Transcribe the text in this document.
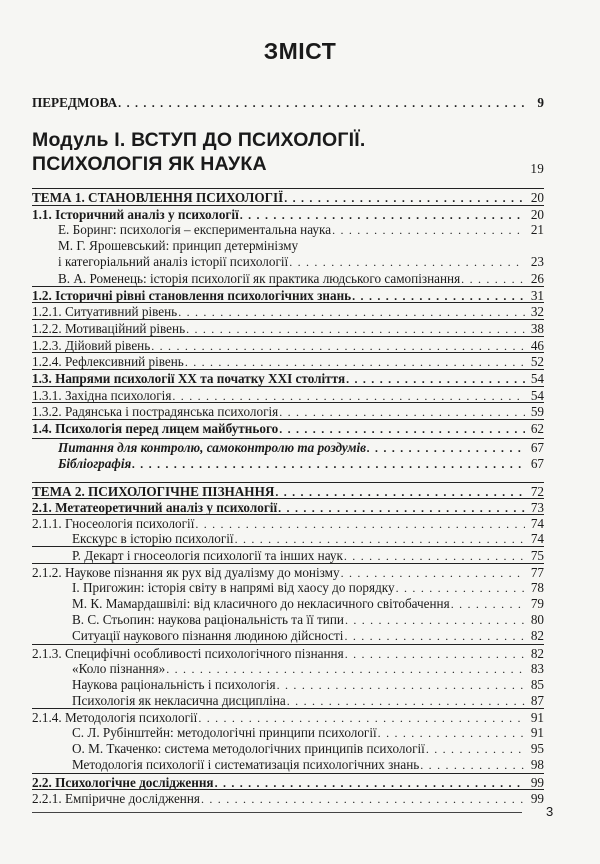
ЗМІСТ
ПЕРЕДМОВА . . .	9
Модуль І. ВСТУП ДО ПСИХОЛОГІЇ.
ПСИХОЛОГІЯ ЯК НАУКА	19
ТЕМА 1. СТАНОВЛЕННЯ ПСИХОЛОГІЇ . . .	20
1.1. Історичний аналіз у психології . . .	20
Е. Боринг: психологія – експериментальна наука . . .	21
М. Г. Ярошевський: принцип детермінізму
і категоріальний аналіз історії психології . . .	23
В. А. Роменець: історія психології як практика людського самопізнання . . .	26
1.2. Історичні рівні становлення психологічних знань . . .	31
1.2.1. Ситуативний рівень . . .	32
1.2.2. Мотиваційний рівень . . .	38
1.2.3. Дійовий рівень . . .	46
1.2.4. Рефлексивний рівень . . .	52
1.3. Напрями психології ХХ та початку ХХІ століття . . .	54
1.3.1. Західна психологія . . .	54
1.3.2. Радянська і пострадянська психологія . . .	59
1.4. Психологія перед лицем майбутнього . . .	62
Питання для контролю, самоконтролю та роздумів . . .	67
Бібліографія . . .	67
ТЕМА 2. ПСИХОЛОГІЧНЕ ПІЗНАННЯ . . .	72
2.1. Метатеоретичний аналіз у психології . . .	73
2.1.1. Гносеологія психології . . .	74
Екскурс в історію психології . . .	74
Р. Декарт і гносеологія психології та інших наук . . .	75
2.1.2. Наукове пізнання як рух від дуалізму до монізму . . .	77
І. Пригожин: історія світу в напрямі від хаосу до порядку . . .	78
М. К. Мамардашвілі: від класичного до некласичного світобачення . . .	79
В. С. Стьопин: наукова раціональність та її типи . . .	80
Ситуації наукового пізнання людиною дійсності . . .	82
2.1.3. Специфічні особливості психологічного пізнання . . .	82
«Коло пізнання» . . .	83
Наукова раціональність і психологія . . .	85
Психологія як некласична дисципліна . . .	87
2.1.4. Методологія психології . . .	91
С. Л. Рубінштейн: методологічні принципи психології . . .	91
О. М. Ткаченко: система методологічних принципів психології . . .	95
Методологія психології і систематизація психологічних знань . . .	98
2.2. Психологічне дослідження . . .	99
2.2.1. Емпіричне дослідження . . .	99
3
